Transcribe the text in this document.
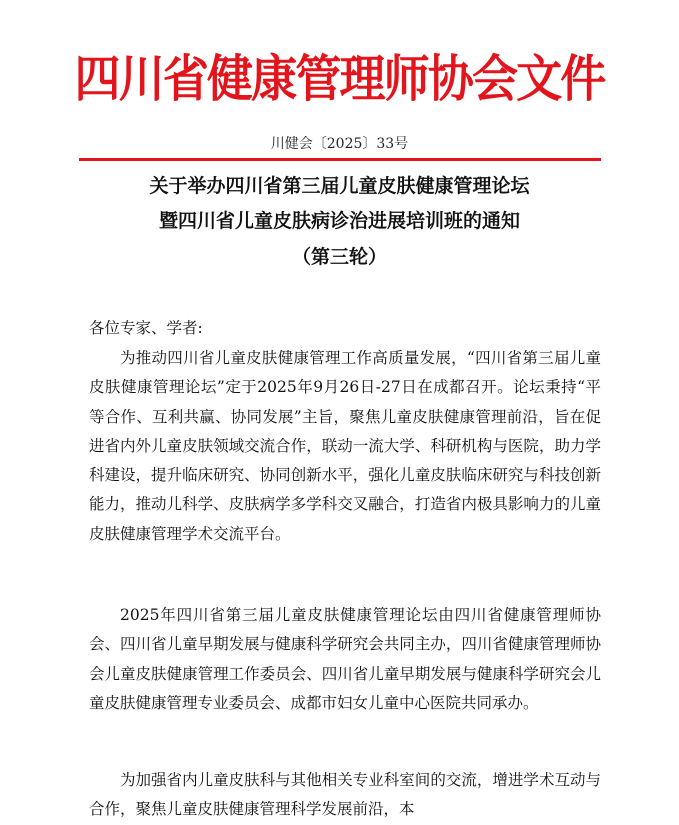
四川省健康管理师协会文件
川健会〔2025〕33号
关于举办四川省第三届儿童皮肤健康管理论坛
暨四川省儿童皮肤病诊治进展培训班的通知
（第三轮）
各位专家、学者:

为推动四川省儿童皮肤健康管理工作高质量发展，“四川省第三届儿童皮肤健康管理论坛”定于2025年9月26日-27日在成都召开。论坛秉持“平等合作、互利共赢、协同发展”主旨，聚焦儿童皮肤健康管理前沿，旨在促进省内外儿童皮肤领域交流合作，联动一流大学、科研机构与医院，助力学科建设，提升临床研究、协同创新水平，强化儿童皮肤临床研究与科技创新能力，推动儿科学、皮肤病学多学科交叉融合，打造省内极具影响力的儿童皮肤健康管理学术交流平台。

2025年四川省第三届儿童皮肤健康管理论坛由四川省健康管理师协会、四川省儿童早期发展与健康科学研究会共同主办，四川省健康管理师协会儿童皮肤健康管理工作委员会、四川省儿童早期发展与健康科学研究会儿童皮肤健康管理专业委员会、成都市妇女儿童中心医院共同承办。

为加强省内儿童皮肤科与其他相关专业科室间的交流，增进学术互动与合作，聚焦儿童皮肤健康管理科学发展前沿，本
